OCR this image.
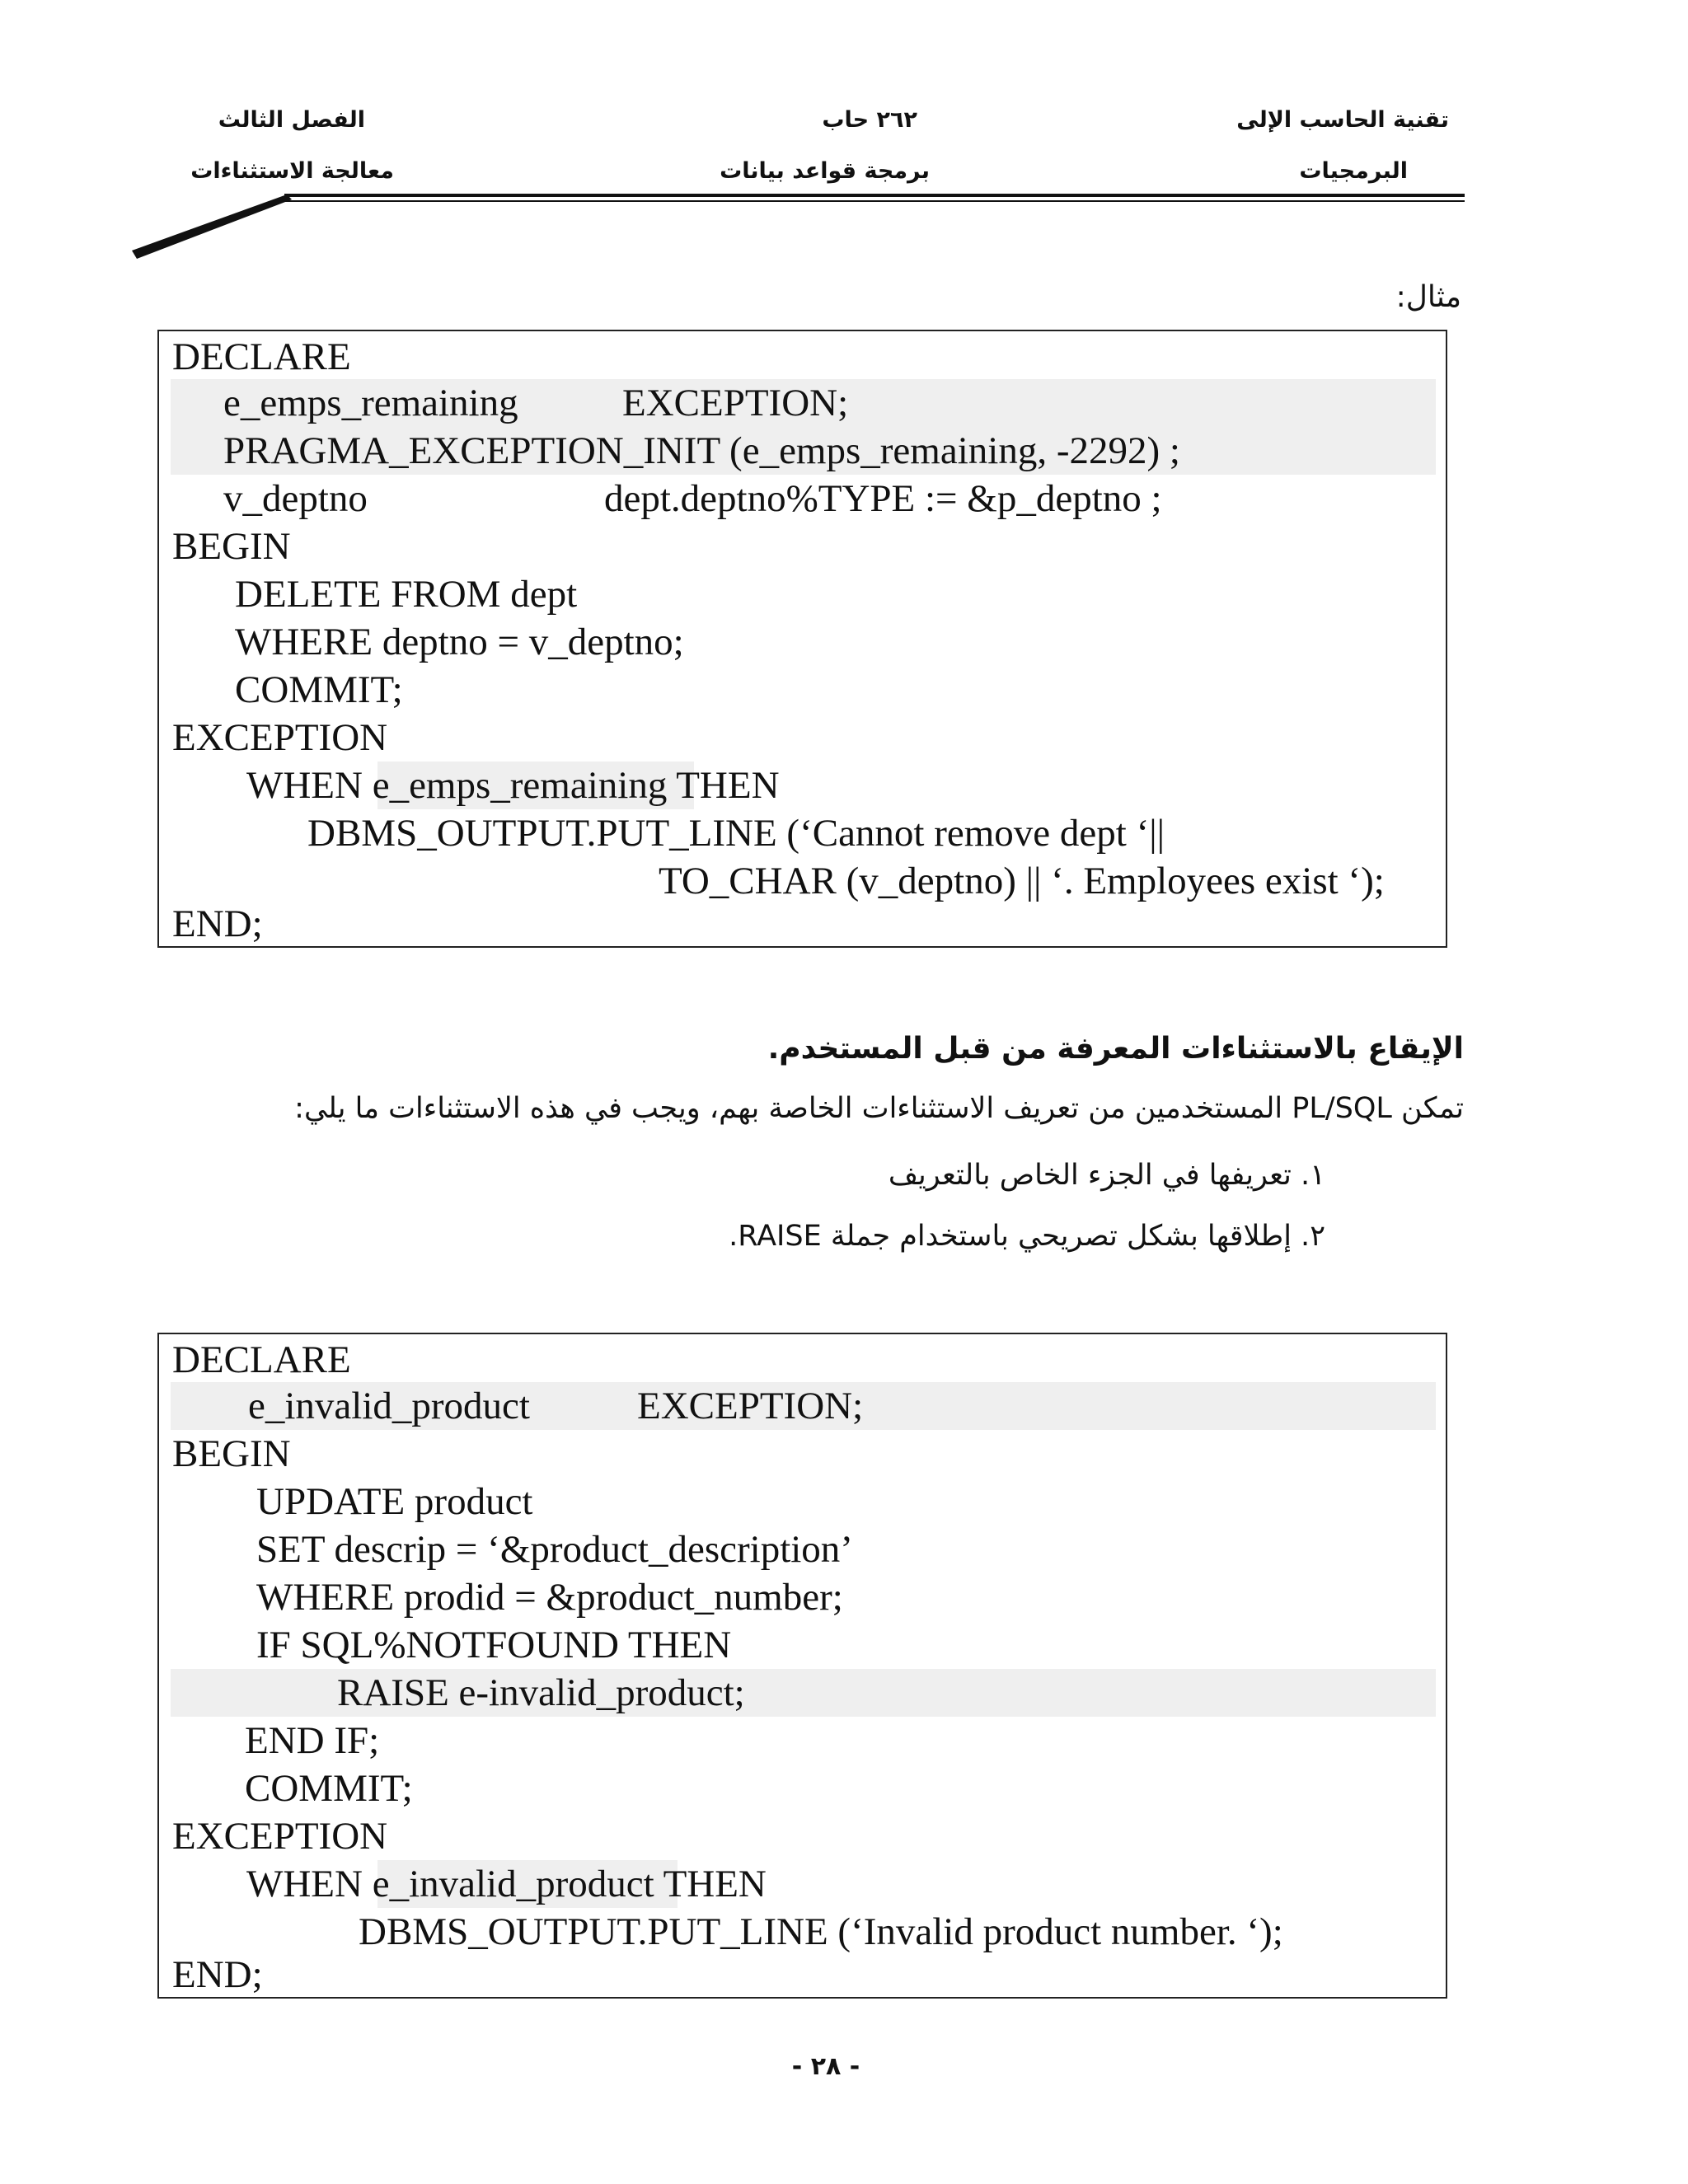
تقنية الحاسب الإلى
البرمجيات
٢٦٢ حاب
برمجة قواعد بيانات
الفصل الثالث
معالجة الاستثناءات
مثال:
DECLARE
e_emps_remaining	EXCEPTION;
PRAGMA_EXCEPTION_INIT (e_emps_remaining, -2292) ;
v_deptno	dept.deptno%TYPE := &p_deptno ;
BEGIN
DELETE FROM dept
WHERE deptno = v_deptno;
COMMIT;
EXCEPTION
WHEN e_emps_remaining THEN
DBMS_OUTPUT.PUT_LINE (‘Cannot remove dept ‘||
TO_CHAR (v_deptno) || ‘. Employees exist ‘);
END;
الإيقاع بالاستثناءات المعرفة من قبل المستخدم.
تمكن PL/SQL المستخدمين من تعريف الاستثناءات الخاصة بهم، ويجب في هذه الاستثناءات ما يلي:
١. تعريفها في الجزء الخاص بالتعريف
٢. إطلاقها بشكل تصريحي باستخدام جملة RAISE.
DECLARE
e_invalid_product	EXCEPTION;
BEGIN
UPDATE product
SET descrip = ‘&product_description’
WHERE prodid = &product_number;
IF SQL%NOTFOUND THEN
RAISE e-invalid_product;
END IF;
COMMIT;
EXCEPTION
WHEN e_invalid_product THEN
DBMS_OUTPUT.PUT_LINE (‘Invalid product number. ‘);
END;
- ٢٨ -
